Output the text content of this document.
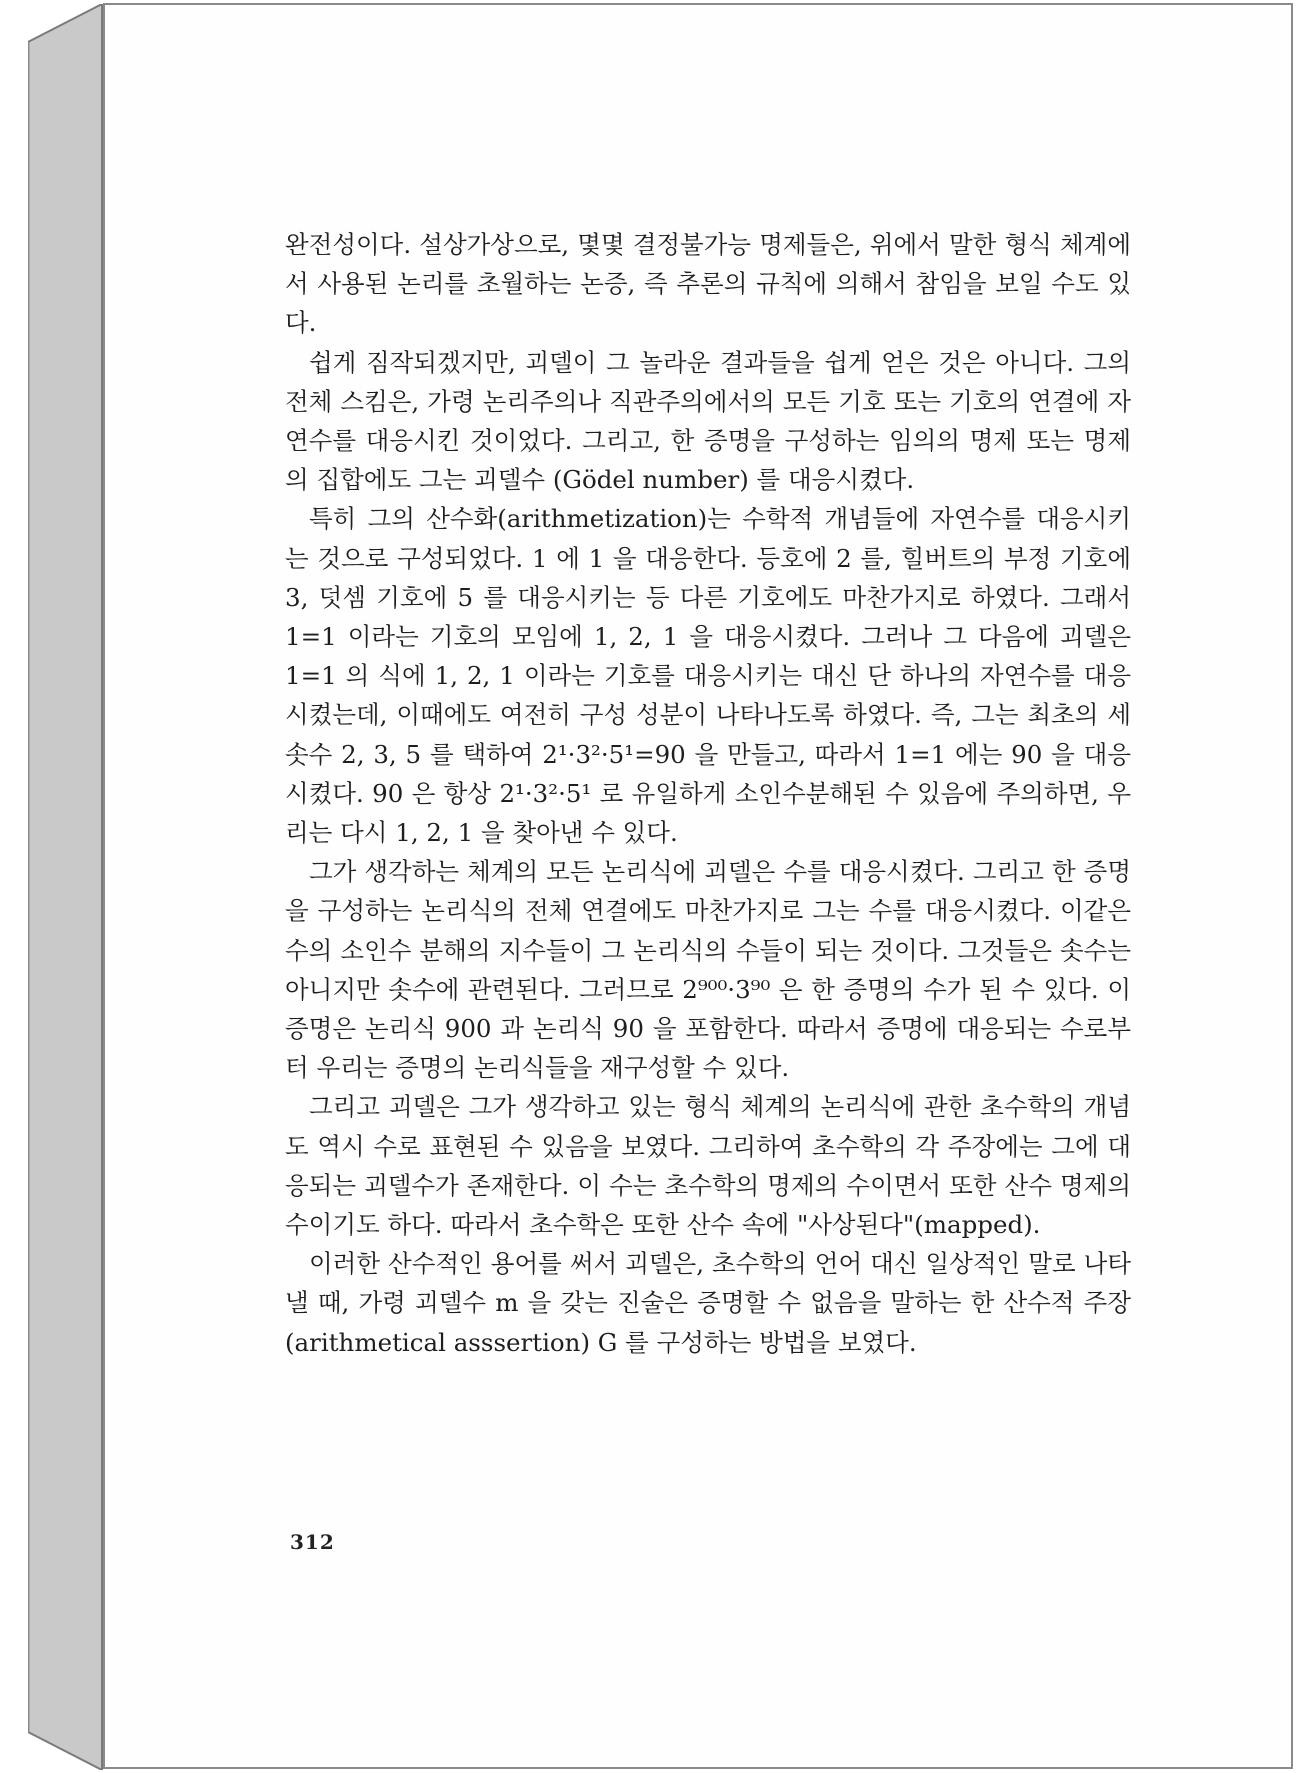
완전성이다. 설상가상으로, 몇몇 결정불가능 명제들은, 위에서 말한 형식 체계에서 사용된 논리를 초월하는 논증, 즉 추론의 규칙에 의해서 참임을 보일 수도 있다.

쉽게 짐작되겠지만, 괴델이 그 놀라운 결과들을 쉽게 얻은 것은 아니다. 그의 전체 스킴은, 가령 논리주의나 직관주의에서의 모든 기호 또는 기호의 연결에 자연수를 대응시킨 것이었다. 그리고, 한 증명을 구성하는 임의의 명제 또는 명제의 집합에도 그는 괴델수 (Gödel number) 를 대응시켰다.

특히 그의 산수화(arithmetization)는 수학적 개념들에 자연수를 대응시키는 것으로 구성되었다. 1 에 1 을 대응한다. 등호에 2 를, 힐버트의 부정 기호에 3, 덧셈 기호에 5 를 대응시키는 등 다른 기호에도 마찬가지로 하였다. 그래서 1=1 이라는 기호의 모임에 1, 2, 1 을 대응시켰다. 그러나 그 다음에 괴델은 1=1 의 식에 1, 2, 1 이라는 기호를 대응시키는 대신 단 하나의 자연수를 대응시켰는데, 이때에도 여전히 구성 성분이 나타나도록 하였다. 즉, 그는 최초의 세 솟수 2, 3, 5 를 택하여 2¹·3²·5¹=90 을 만들고, 따라서 1=1 에는 90 을 대응시켰다. 90 은 항상 2¹·3²·5¹ 로 유일하게 소인수분해된 수 있음에 주의하면, 우리는 다시 1, 2, 1 을 찾아낸 수 있다.

그가 생각하는 체계의 모든 논리식에 괴델은 수를 대응시켰다. 그리고 한 증명을 구성하는 논리식의 전체 연결에도 마찬가지로 그는 수를 대응시켰다. 이같은 수의 소인수 분해의 지수들이 그 논리식의 수들이 되는 것이다. 그것들은 솟수는 아니지만 솟수에 관련된다. 그러므로 2⁹⁰⁰·3⁹⁰ 은 한 증명의 수가 된 수 있다. 이 증명은 논리식 900 과 논리식 90 을 포함한다. 따라서 증명에 대응되는 수로부터 우리는 증명의 논리식들을 재구성할 수 있다.

그리고 괴델은 그가 생각하고 있는 형식 체계의 논리식에 관한 초수학의 개념도 역시 수로 표현된 수 있음을 보였다. 그리하여 초수학의 각 주장에는 그에 대응되는 괴델수가 존재한다. 이 수는 초수학의 명제의 수이면서 또한 산수 명제의 수이기도 하다. 따라서 초수학은 또한 산수 속에 "사상된다"(mapped).

이러한 산수적인 용어를 써서 괴델은, 초수학의 언어 대신 일상적인 말로 나타낼 때, 가령 괴델수 m 을 갖는 진술은 증명할 수 없음을 말하는 한 산수적 주장(arithmetical asssertion) G 를 구성하는 방법을 보였다.

312
